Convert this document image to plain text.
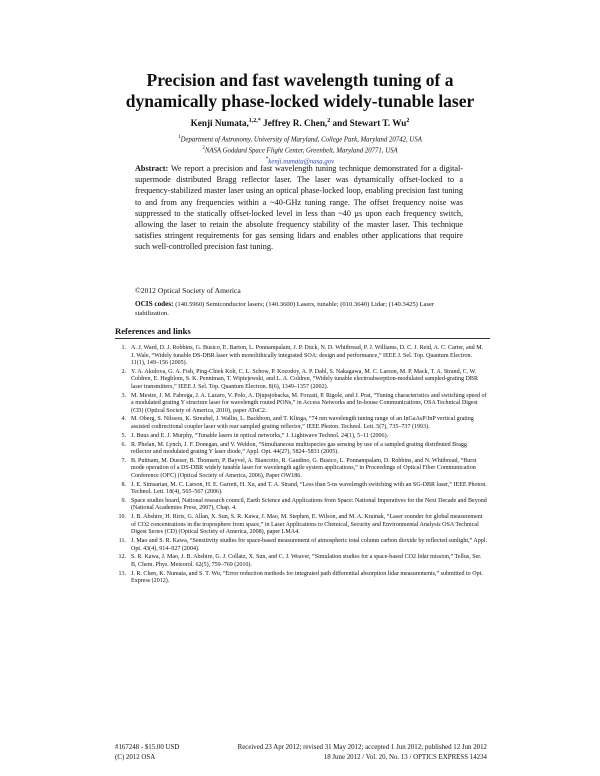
Precision and fast wavelength tuning of a
dynamically phase-locked widely-tunable laser
Kenji Numata,$^{1,2,*}$ Jeffrey R. Chen,$^2$ and Stewart T. Wu$^2$
$^1$Department of Astronomy, University of Maryland, College Park, Maryland 20742, USA
$^2$NASA Goddard Space Flight Center, Greenbelt, Maryland 20771, USA
*kenji.numata@nasa.gov
Abstract: We report a precision and fast wavelength tuning technique demonstrated for a digital-supermode distributed Bragg reflector laser. The laser was dynamically offset-locked to a frequency-stabilized master laser using an optical phase-locked loop, enabling precision fast tuning to and from any frequencies within a ~40-GHz tuning range. The offset frequency noise was suppressed to the statically offset-locked level in less than ~40 µs upon each frequency switch, allowing the laser to retain the absolute frequency stability of the master laser. This technique satisfies stringent requirements for gas sensing lidars and enables other applications that require such well-controlled precision fast tuning.
©2012 Optical Society of America
OCIS codes: (140.5960) Semiconductor lasers; (140.3600) Lasers, tunable; (010.3640) Lidar; (140.3425) Laser stabilization.
References and links
1. A. J. Ward, D. J. Robbins, G. Busico, E. Barton, L. Ponnampalam, J. P. Duck, N. D. Whitbread, P. J. Williams, D. C. J. Reid, A. C. Carter, and M. J. Wale, “Widely tunable DS-DBR laser with monolithically integrated SOA: design and performance,” IEEE J. Sel. Top. Quantum Electron. 11(1), 149–156 (2005).
2. Y. A. Akulova, G. A. Fish, Ping-Chiek Koh, C. L. Schow, P. Kozodoy, A. P. Dahl, S. Nakagawa, M. C. Larson, M. P. Mack, T. A. Strand, C. W. Coldren, E. Hegblom, S. K. Penniman, T. Wipiejewski, and L. A. Coldren, “Widely tunable electroabsorption-modulated sampled-grating DBR laser transmitters,” IEEE J. Sel. Top. Quantum Electron. 8(6), 1349–1357 (2002).
3. M. Mestre, J. M. Fabrega, J. A. Lazaro, V. Polo, A. Djupsjobacka, M. Forzati, P. Rigole, and J. Prat, “Tuning characteristics and switching speed of a modulated grating Y structure laser for wavelength routed PONs,” in Access Networks and In-house Communications, OSA Technical Digest (CD) (Optical Society of America, 2010), paper ATuC2.
4. M. Oberg, S. Nilsson, K. Streubel, J. Wallin, L. Backbom, and T. Klinga, “74 nm wavelength tuning range of an InGaAsP/InP vertical grating assisted codirectional coupler laser with rear sampled grating reflector,” IEEE Photon. Technol. Lett. 5(7), 735–737 (1993).
5. J. Buus and E. J. Murphy, “Tunable lasers in optical networks,” J. Lightwave Technol. 24(1), 5–11 (2006).
6. R. Phelan, M. Lynch, J. F. Donegan, and V. Weldon, “Simultaneous multispecies gas sensing by use of a sampled grating distributed Bragg reflector and modulated grating Y laser diode,” Appl. Opt. 44(27), 5824–5831 (2005).
7. B. Puttnam, M. Dueser, B. Thomsen, P. Bayvel, A. Biancotto, R. Gaudino, G. Busico, L. Ponnampalam, D. Robbins, and N. Whitbread, “Burst mode operation of a DS-DBR widely tunable laser for wavelength agile system applications,” in Proceedings of Optical Fiber Communication Conference (OFC) (Optical Society of America, 2006), Paper OW186.
8. J. E. Simsarian, M. C. Larson, H. E. Garrett, H. Xu, and T. A. Strand, “Less than 5-ns wavelength switching with an SG-DBR laser,” IEEE Photon. Technol. Lett. 18(4), 565–567 (2006).
9. Space studies board, National research council, Earth Science and Applications from Space: National Imperatives for the Next Decade and Beyond (National Academies Press, 2007), Chap. 4.
10. J. B. Abshire, H. Riris, G. Allan, X. Sun, S. R. Kawa, J. Mao, M. Stephen, E. Wilson, and M. A. Krainak, “Laser sounder for global measurement of CO2 concentrations in the troposphere from space,” in Laser Applications to Chemical, Security and Environmental Analysis OSA Technical Digest Series (CD) (Optical Society of America, 2008), paper LMA4.
11. J. Mao and S. R. Kawa, “Sensitivity studies for space-based measurement of atmospheric total column carbon dioxide by reflected sunlight,” Appl. Opt. 43(4), 914–927 (2004).
12. S. R. Kawa, J. Mao, J. B. Abshire, G. J. Collatz, X. Sun, and C. J. Weaver, “Simulation studies for a space-based CO2 lidar mission,” Tellus, Ser. B, Chem. Phys. Meteorol. 62(5), 759–769 (2010).
13. J. R. Chen, K. Numata, and S. T. Wu, “Error reduction methods for integrated path differential absorption lidar measurements,” submitted to Opt. Express (2012).
#167248 - $15.00 USD	Received 23 Apr 2012; revised 31 May 2012; accepted 1 Jun 2012; published 12 Jun 2012
(C) 2012 OSA	18 June 2012 / Vol. 20, No. 13 / OPTICS EXPRESS 14234
